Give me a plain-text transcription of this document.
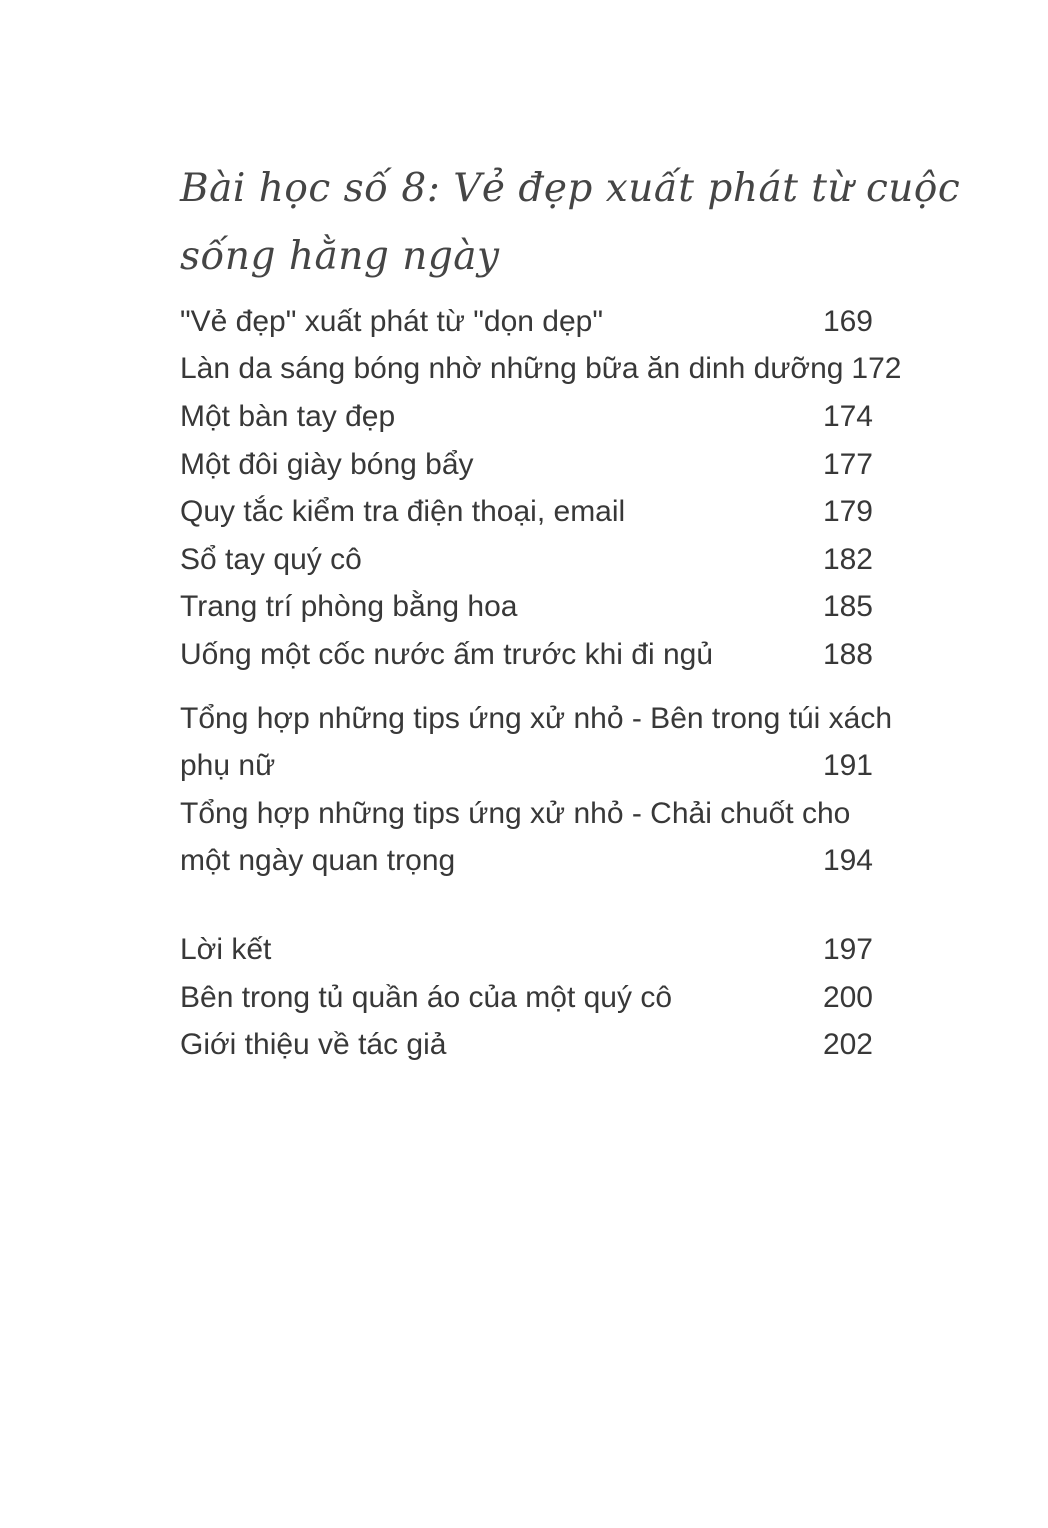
Bài học số 8: Vẻ đẹp xuất phát từ cuộc
sống hằng ngày
"Vẻ đẹp" xuất phát từ "dọn dẹp"	169
Làn da sáng bóng nhờ những bữa ăn dinh dưỡng 172
Một bàn tay đẹp	174
Một đôi giày bóng bẩy	177
Quy tắc kiểm tra điện thoại, email	179
Sổ tay quý cô	182
Trang trí phòng bằng hoa	185
Uống một cốc nước ấm trước khi đi ngủ	188
Tổng hợp những tips ứng xử nhỏ - Bên trong túi xách
phụ nữ	191
Tổng hợp những tips ứng xử nhỏ - Chải chuốt cho
một ngày quan trọng	194
Lời kết	197
Bên trong tủ quần áo của một quý cô	200
Giới thiệu về tác giả	202
